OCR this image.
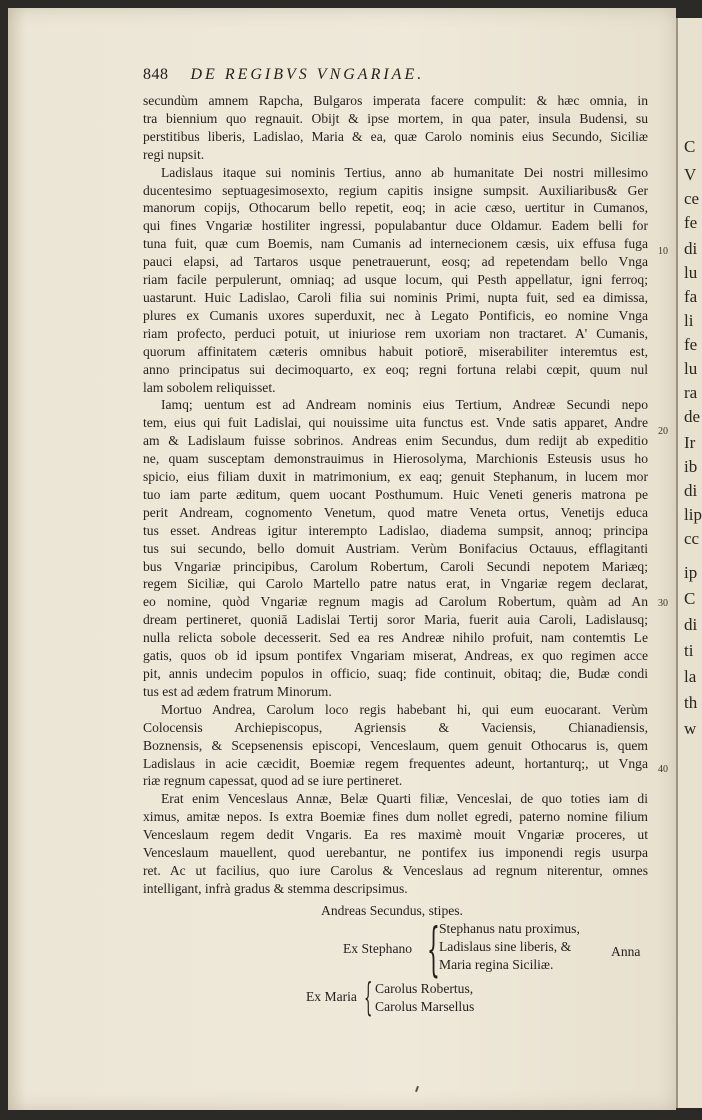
848 DE REGIBVS VNGARIAE.
secundùm amnem Rapcha, Bulgaros imperata facere compulit: & hæc omnia, in
tra biennium quo regnauit. Obijt & ipse mortem, in qua pater, insula Budensi, su
perstitibus liberis, Ladislao, Maria & ea, quæ Carolo nominis eius Secundo, Siciliæ
regi nupsit.
Ladislaus itaque sui nominis Tertius, anno ab humanitate Dei nostri millesimo
ducentesimo septuagesimosexto, regium capitis insigne sumpsit. Auxiliaribus& Ger
manorum copijs, Othocarum bello repetit, eoq; in acie cæso, uertitur in Cumanos,
qui fines Vngariæ hostiliter ingressi, populabantur duce Oldamur. Eadem belli for
tuna fuit, quæ cum Boemis, nam Cumanis ad internecionem cæsis, uix effusa fuga
pauci elapsi, ad Tartaros usque penetrauerunt, eosq; ad repetendam bello Vnga
riam facile perpulerunt, omniaq; ad usque locum, qui Pesth appellatur, igni ferroq;
uastarunt. Huic Ladislao, Caroli filia sui nominis Primi, nupta fuit, sed ea dimissa,
plures ex Cumanis uxores superduxit, nec à Legato Pontificis, eo nomine Vnga
riam profecto, perduci potuit, ut iniuriose rem uxoriam non tractaret. A' Cumanis,
quorum affinitatem cæteris omnibus habuit potiorē, miserabiliter interemtus est,
anno principatus sui decimoquarto, ex eoq; regni fortuna relabi cœpit, quum nul
lam sobolem reliquisset.
Iamq; uentum est ad Andream nominis eius Tertium, Andreæ Secundi nepo
tem, eius qui fuit Ladislai, qui nouissime uita functus est. Vnde satis apparet, Andre
am & Ladislaum fuisse sobrinos. Andreas enim Secundus, dum redijt ab expeditio
ne, quam susceptam demonstrauimus in Hierosolyma, Marchionis Esteusis usus ho
spicio, eius filiam duxit in matrimonium, ex eaq; genuit Stephanum, in lucem mor
tuo iam parte æditum, quem uocant Posthumum. Huic Veneti generis matrona pe
perit Andream, cognomento Venetum, quod matre Veneta ortus, Venetijs educa
tus esset. Andreas igitur interempto Ladislao, diadema sumpsit, annoq; principa
tus sui secundo, bello domuit Austriam. Verùm Bonifacius Octauus, efflagitanti
bus Vngariæ principibus, Carolum Robertum, Caroli Secundi nepotem Mariæq;
regem Siciliæ, qui Carolo Martello patre natus erat, in Vngariæ regem declarat,
eo nomine, quòd Vngariæ regnum magis ad Carolum Robertum, quàm ad An
dream pertineret, quoniā Ladislai Tertij soror Maria, fuerit auia Caroli, Ladislausq;
nulla relicta sobole decesserit. Sed ea res Andreæ nihilo profuit, nam contemtis Le
gatis, quos ob id ipsum pontifex Vngariam miserat, Andreas, ex quo regimen acce
pit, annis undecim populos in officio, suaq; fide continuit, obitaq; die, Budæ condi
tus est ad ædem fratrum Minorum.
Mortuo Andrea, Carolum loco regis habebant hi, qui eum euocarant. Verùm
Colocensis Archiepiscopus, Agriensis & Vaciensis, Chianadiensis,
Boznensis, & Scepsenensis episcopi, Venceslaum, quem genuit Othocarus is, quem
Ladislaus in acie cæcidit, Boemiæ regem frequentes adeunt, hortanturq;, ut Vnga
riæ regnum capessat, quod ad se iure pertineret.
Erat enim Venceslaus Annæ, Belæ Quarti filiæ, Venceslai, de quo toties iam di
ximus, amitæ nepos. Is extra Boemiæ fines dum nollet egredi, paterno nomine filium
Venceslaum regem dedit Vngaris. Ea res maximè mouit Vngariæ proceres, ut
Venceslaum mauellent, quod uerebantur, ne pontifex ius imponendi regis usurpa
ret. Ac ut facilius, quo iure Carolus & Venceslaus ad regnum niterentur, omnes
intelligant, infrà gradus & stemma descripsimus.
Andreas Secundus, stipes.
Ex Stephano { Stephanus natu proximus,
Ladislaus sine liberis, &
Maria regina Siciliæ.
Ex Maria { Carolus Robertus,
Carolus Marsellus
10
20
30
40
Anna
C
V
ce
fe
di
lu
fa
li
fe
lu
ra
de
Ir
ib
di
lip
cc
ip
C
di
ti
la
th
w
